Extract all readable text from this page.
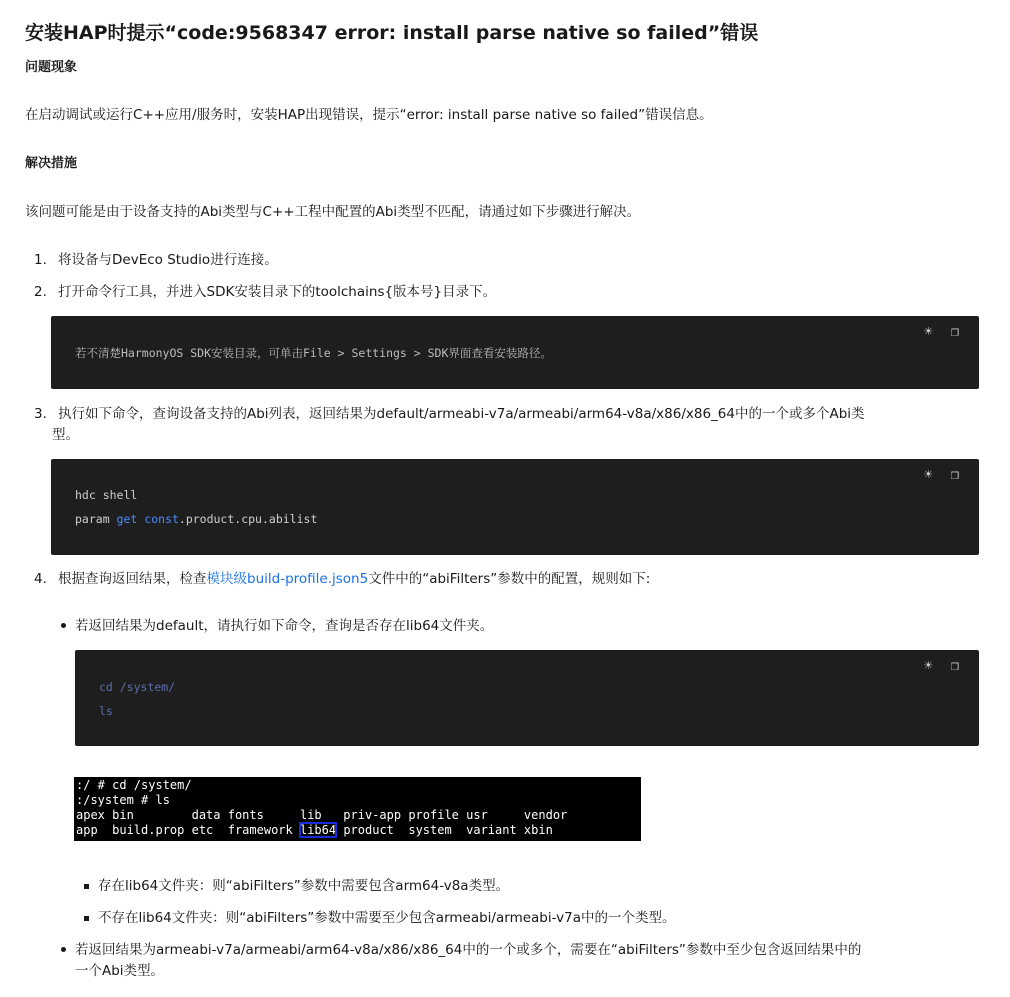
安装HAP时提示“code:9568347 error: install parse native so failed”错误
问题现象
在启动调试或运行C++应用/服务时，安装HAP出现错误，提示“error: install parse native so failed”错误信息。
解决措施
该问题可能是由于设备支持的Abi类型与C++工程中配置的Abi类型不匹配，请通过如下步骤进行解决。
1. 将设备与DevEco Studio进行连接。
2. 打开命令行工具，并进入SDK安装目录下的toolchains{版本号}目录下。
☀ ❐
若不清楚HarmonyOS SDK安装目录，可单击File > Settings > SDK界面查看安装路径。
3. 执行如下命令，查询设备支持的Abi列表，返回结果为default/armeabi-v7a/armeabi/arm64-v8a/x86/x86_64中的一个或多个Abi类
型。
☀ ❐
hdc shell
param get const.product.cpu.abilist
4. 根据查询返回结果，检查模块级build-profile.json5文件中的“abiFilters”参数中的配置，规则如下:
若返回结果为default，请执行如下命令，查询是否存在lib64文件夹。
☀ ❐
cd /system/
ls
:/ # cd /system/
:/system # ls
apex bin        data fonts     lib   priv-app profile usr     vendor
app  build.prop etc  framework lib64 product  system  variant xbin
存在lib64文件夹：则“abiFilters”参数中需要包含arm64-v8a类型。
不存在lib64文件夹：则“abiFilters”参数中需要至少包含armeabi/armeabi-v7a中的一个类型。
若返回结果为armeabi-v7a/armeabi/arm64-v8a/x86/x86_64中的一个或多个，需要在“abiFilters”参数中至少包含返回结果中的
一个Abi类型。
